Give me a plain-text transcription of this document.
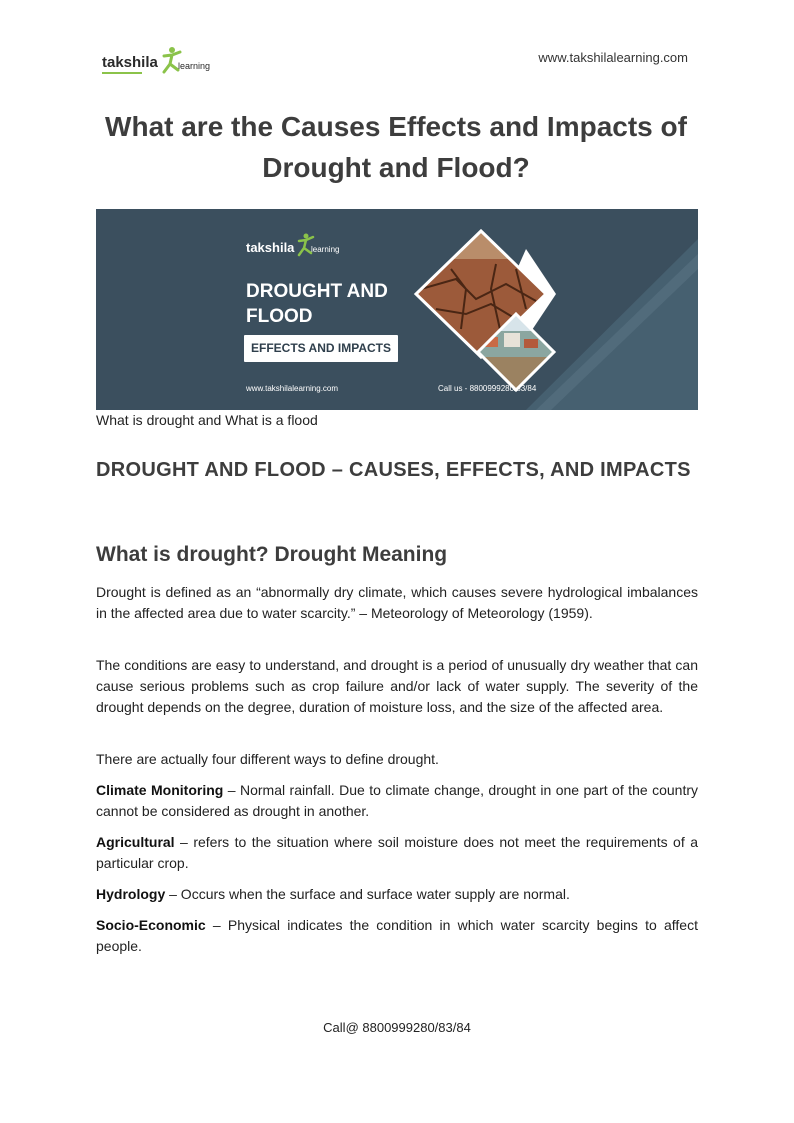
takshila learning
www.takshilalearning.com
What are the Causes Effects and Impacts of Drought and Flood?
takshila learning
DROUGHT AND FLOOD
EFFECTS AND IMPACTS
www.takshilalearning.com	Call us - 8800999280/83/84
What is drought and What is a flood
DROUGHT AND FLOOD – CAUSES, EFFECTS, AND IMPACTS
What is drought? Drought Meaning

Drought is defined as an “abnormally dry climate, which causes severe hydrological imbalances in the affected area due to water scarcity.” – Meteorology of Meteorology (1959).

The conditions are easy to understand, and drought is a period of unusually dry weather that can cause serious problems such as crop failure and/or lack of water supply. The severity of the drought depends on the degree, duration of moisture loss, and the size of the affected area.

There are actually four different ways to define drought.

Climate Monitoring – Normal rainfall. Due to climate change, drought in one part of the country cannot be considered as drought in another.

Agricultural – refers to the situation where soil moisture does not meet the requirements of a particular crop.

Hydrology – Occurs when the surface and surface water supply are normal.

Socio-Economic – Physical indicates the condition in which water scarcity begins to affect people.

Call@ 8800999280/83/84
